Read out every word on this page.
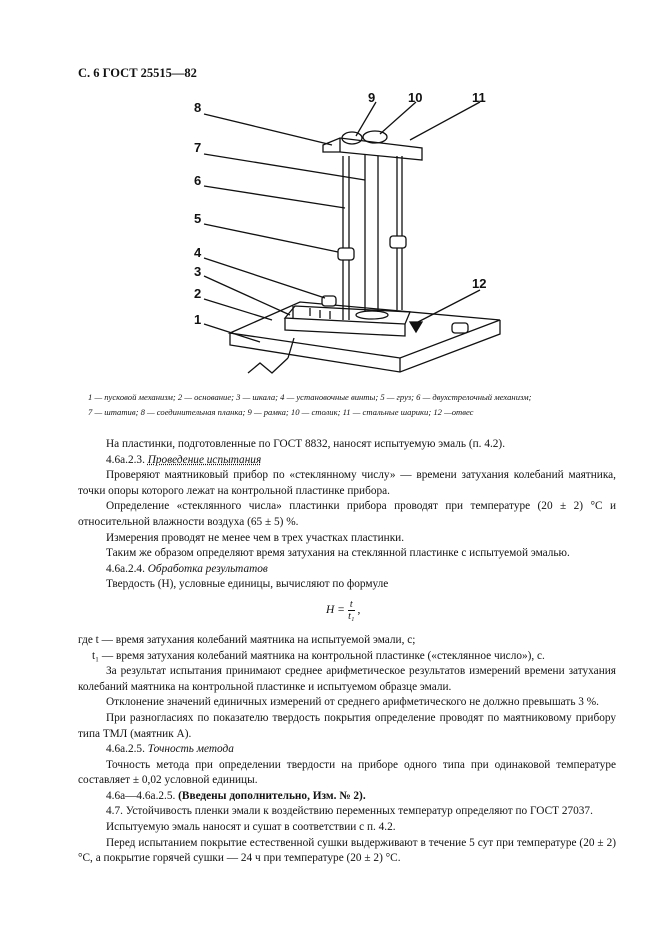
С. 6 ГОСТ 25515—82
8
9	10	11
7
6
5
4
3
2
1
12
1 — пусковой механизм; 2 — основание; 3 — шкала; 4 — установочные винты; 5 — груз; 6 — двухстрелочный механизм;
7 — штатив; 8 — соединительная планка; 9 — рамка; 10 — столик; 11 — стальные шарики; 12 —отвес

На пластинки, подготовленные по ГОСТ 8832, наносят испытуемую эмаль (п. 4.2).

4.6а.2.3. Проведение испытания

Проверяют маятниковый прибор по «стеклянному числу» — времени затухания колебаний маятника, точки опоры которого лежат на контрольной пластинке прибора.

Определение «стеклянного числа» пластинки прибора проводят при температуре (20 ± 2) °С и относительной влажности воздуха (65 ± 5) %.

Измерения проводят не менее чем в трех участках пластинки.

Таким же образом определяют время затухания на стеклянной пластинке с испытуемой эмалью.

4.6а.2.4. Обработка результатов

Твердость (Н), условные единицы, вычисляют по формуле

$H = \frac{t}{\text{t₁}}$ ,

где t — время затухания колебаний маятника на испытуемой эмали, с;

t₁ — время затухания колебаний маятника на контрольной пластинке («стеклянное число»), с.

За результат испытания принимают среднее арифметическое результатов измерений времени затухания колебаний маятника на контрольной пластинке и испытуемом образце эмали.

Отклонение значений единичных измерений от среднего арифметического не должно превышать 3 %.

При разногласиях по показателю твердость покрытия определение проводят по маятниковому прибору типа ТМЛ (маятник А).

4.6а.2.5. Точность метода

Точность метода при определении твердости на приборе одного типа при одинаковой температуре составляет ± 0,02 условной единицы.

4.6а—4.6а.2.5. (Введены дополнительно, Изм. № 2).

4.7. Устойчивость пленки эмали к воздействию переменных температур определяют по ГОСТ 27037.

Испытуемую эмаль наносят и сушат в соответствии с п. 4.2.

Перед испытанием покрытие естественной сушки выдерживают в течение 5 сут при температуре (20 ± 2) °С, а покрытие горячей сушки — 24 ч при температуре (20 ± 2) °С.
